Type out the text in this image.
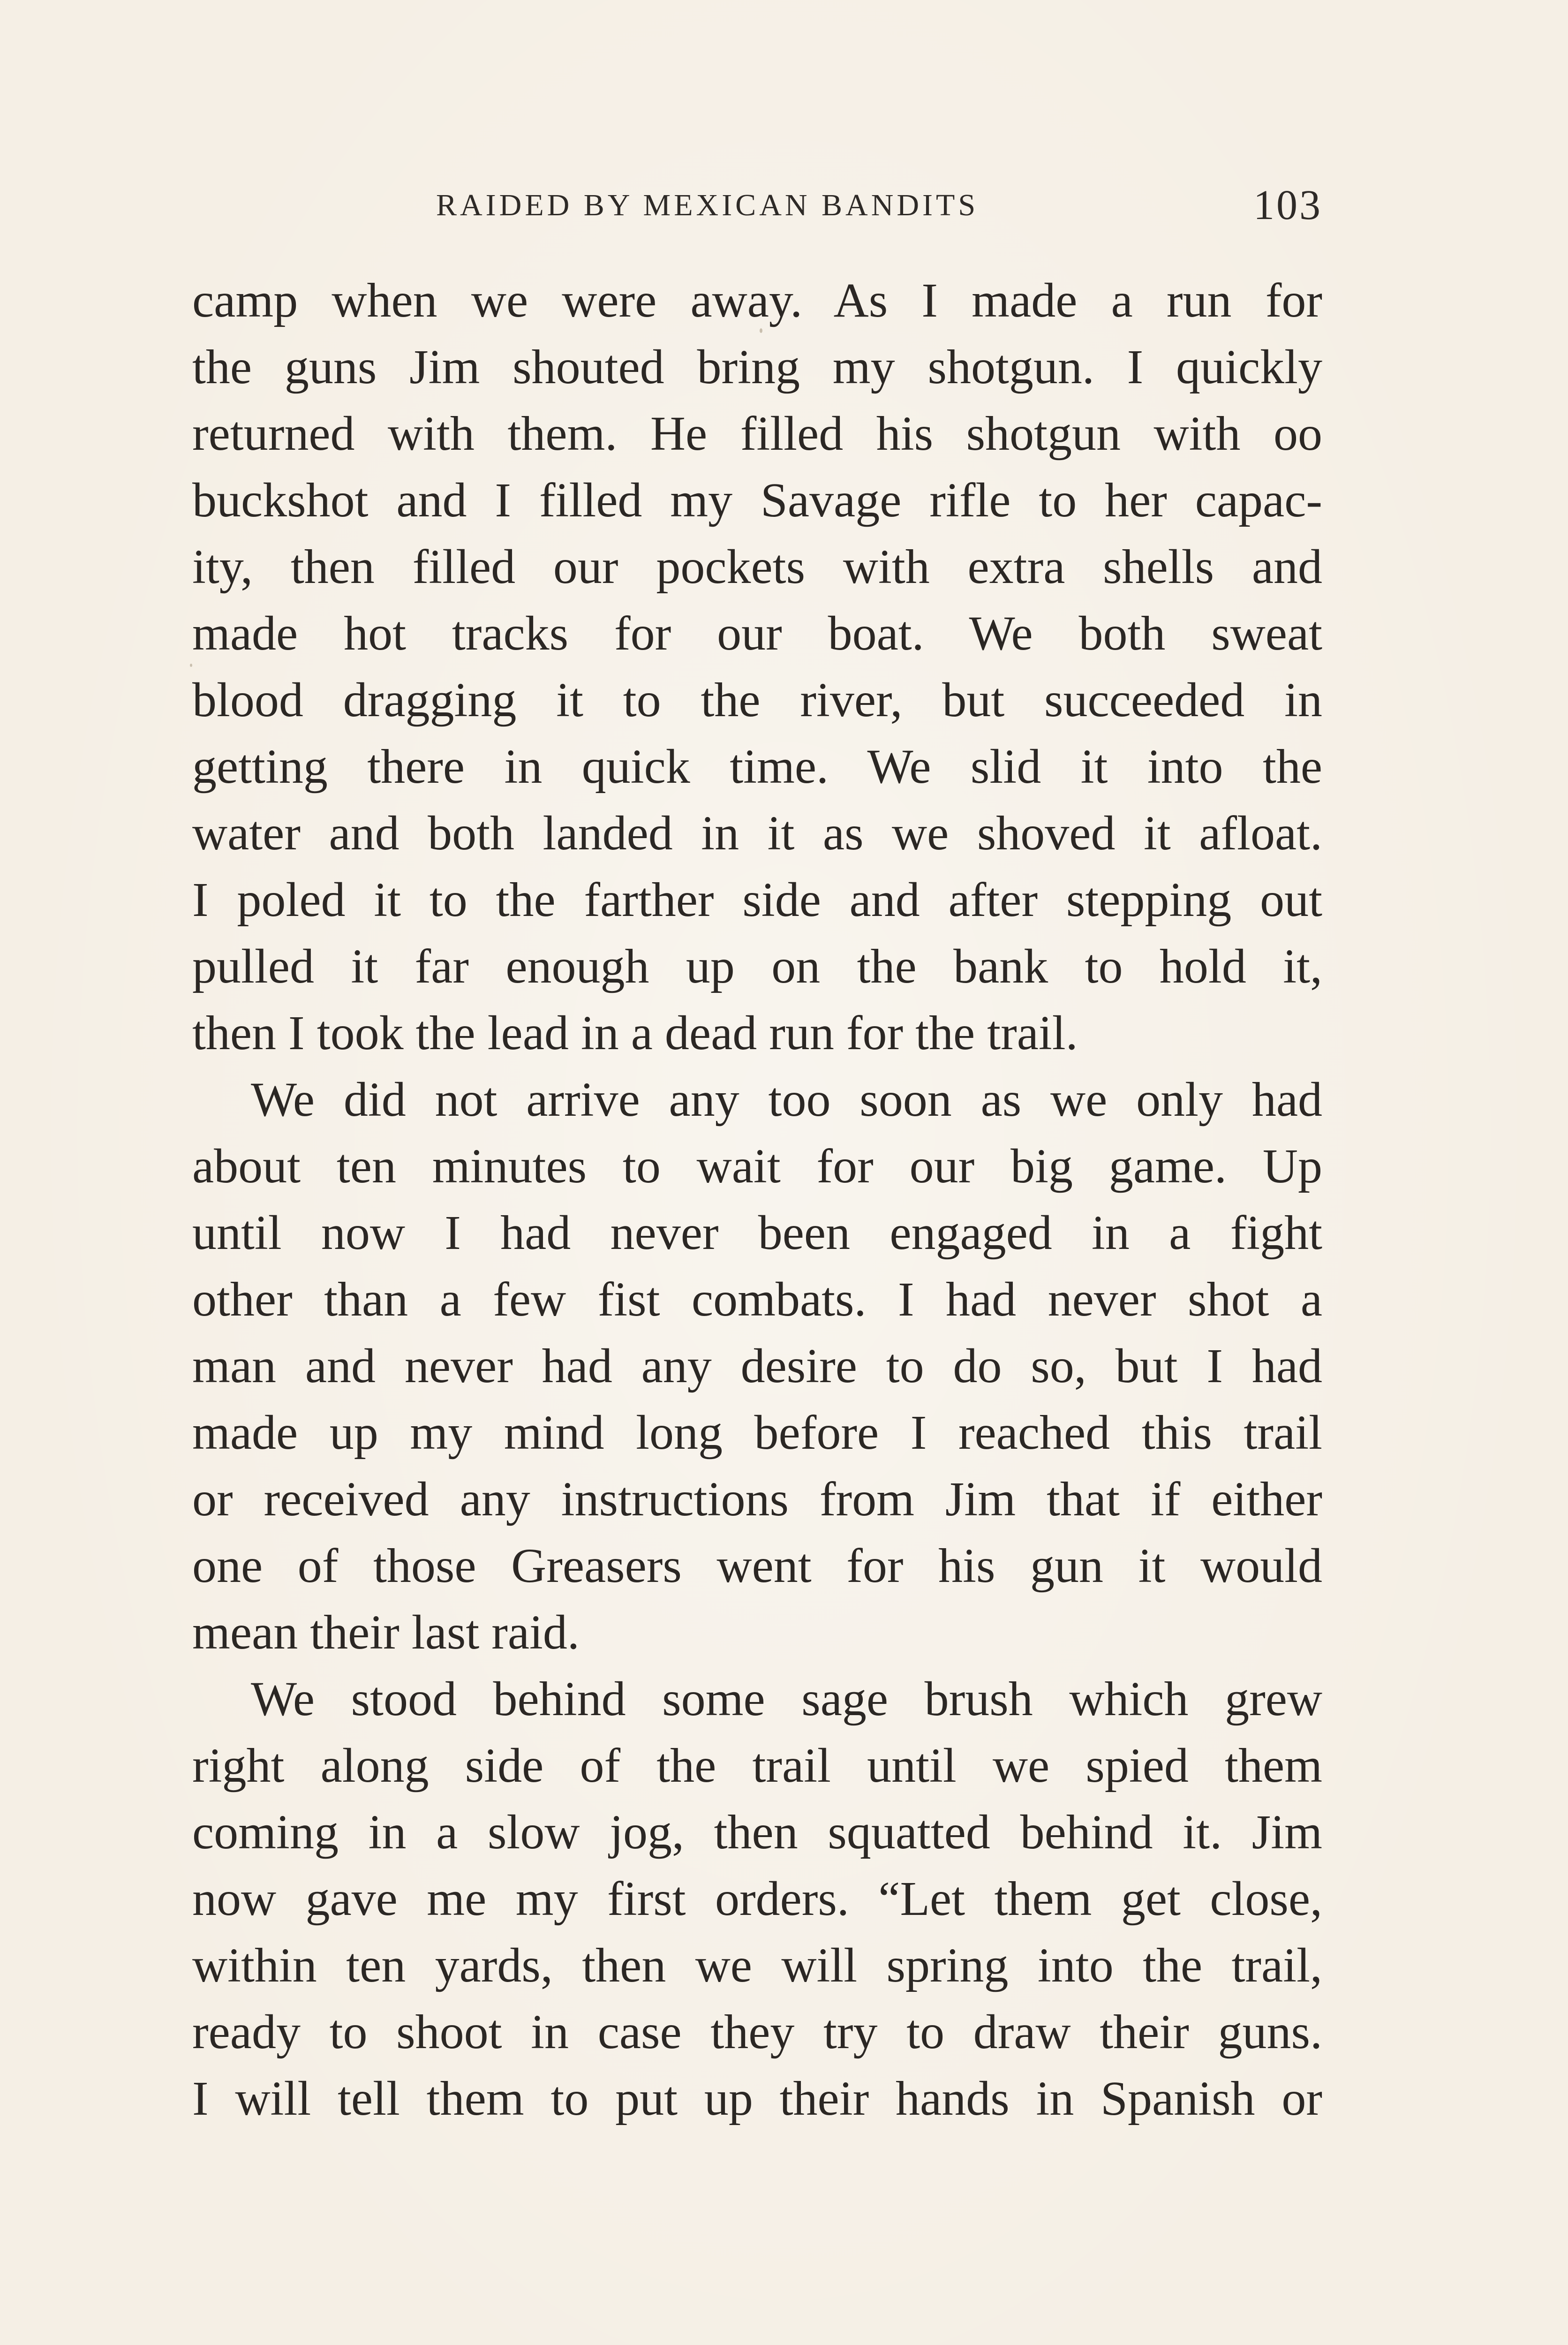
RAIDED BY MEXICAN BANDITS	103
camp when we were away. As I made a run for
the guns Jim shouted bring my shotgun. I quickly
returned with them. He filled his shotgun with oo
buckshot and I filled my Savage rifle to her capac-
ity, then filled our pockets with extra shells and
made hot tracks for our boat. We both sweat
blood dragging it to the river, but succeeded in
getting there in quick time. We slid it into the
water and both landed in it as we shoved it afloat.
I poled it to the farther side and after stepping out
pulled it far enough up on the bank to hold it,
then I took the lead in a dead run for the trail.
We did not arrive any too soon as we only had
about ten minutes to wait for our big game. Up
until now I had never been engaged in a fight
other than a few fist combats. I had never shot a
man and never had any desire to do so, but I had
made up my mind long before I reached this trail
or received any instructions from Jim that if either
one of those Greasers went for his gun it would
mean their last raid.
We stood behind some sage brush which grew
right along side of the trail until we spied them
coming in a slow jog, then squatted behind it. Jim
now gave me my first orders. “Let them get close,
within ten yards, then we will spring into the trail,
ready to shoot in case they try to draw their guns.
I will tell them to put up their hands in Spanish or
